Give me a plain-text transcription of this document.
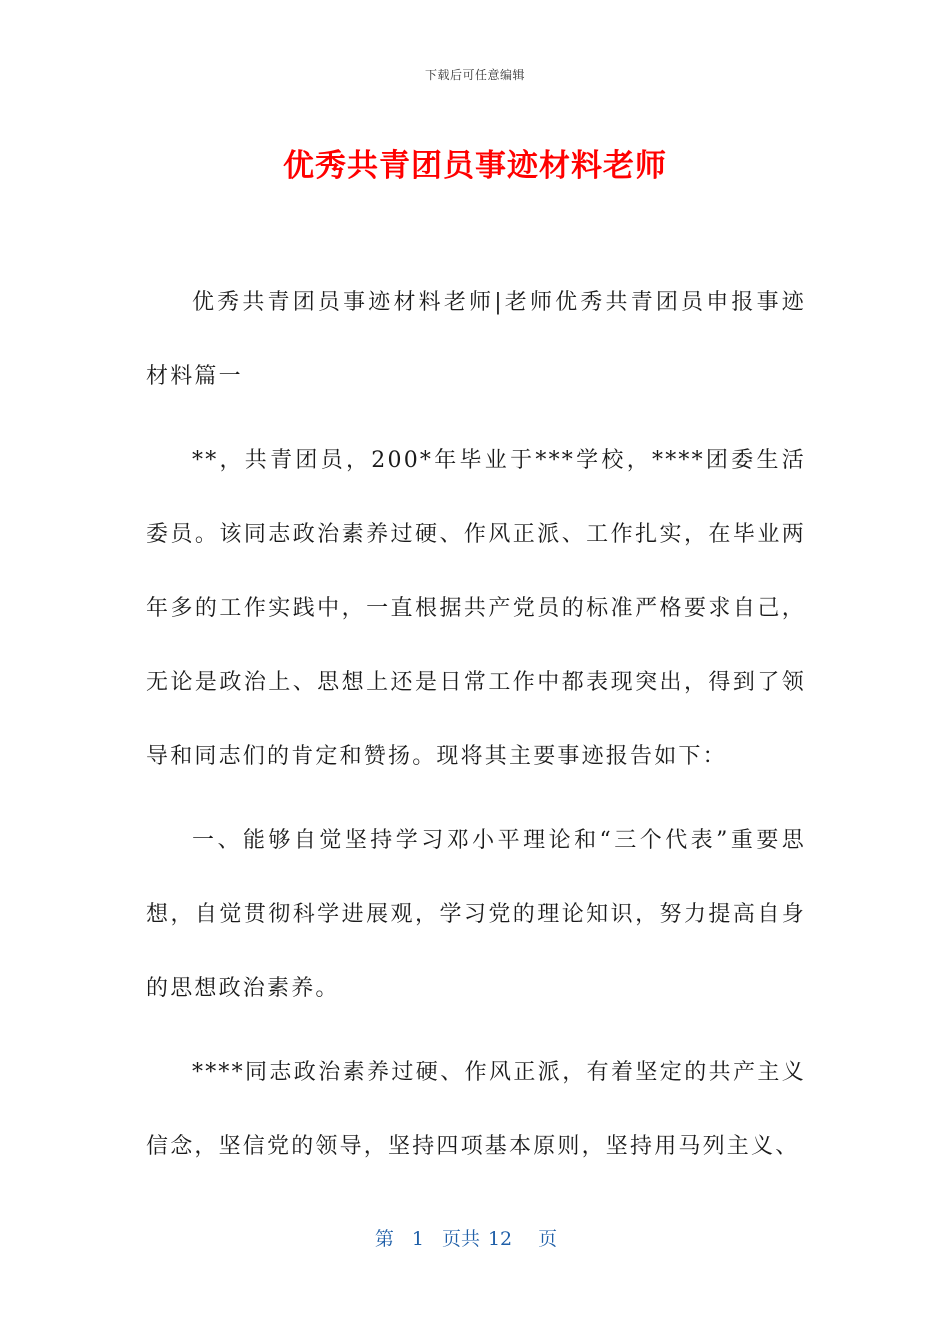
下载后可任意编辑
优秀共青团员事迹材料老师

优秀共青团员事迹材料老师|老师优秀共青团员申报事迹材料篇一

**，共青团员，200*年毕业于***学校，****团委生活委员。该同志政治素养过硬、作风正派、工作扎实，在毕业两年多的工作实践中，一直根据共产党员的标准严格要求自己，无论是政治上、思想上还是日常工作中都表现突出，得到了领导和同志们的肯定和赞扬。现将其主要事迹报告如下：

一、能够自觉坚持学习邓小平理论和“三个代表”重要思想，自觉贯彻科学进展观，学习党的理论知识，努力提高自身的思想政治素养。

****同志政治素养过硬、作风正派，有着坚定的共产主义信念，坚信党的领导，坚持四项基本原则，坚持用马列主义、

第 1 页共 12 页
